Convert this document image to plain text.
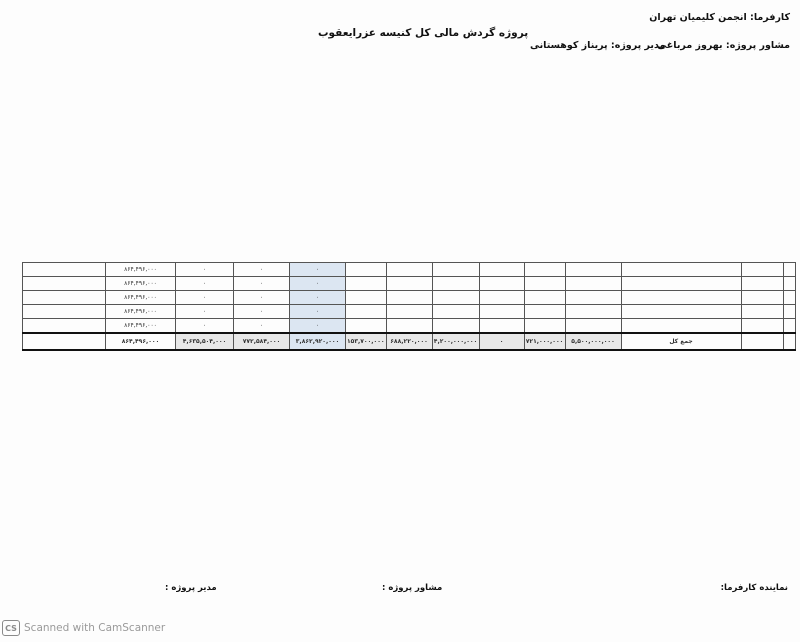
پروژه گردش مالی کل کنیسه عزرایعقوب
کارفرما: انجمن کلیمیان تهران
مشاور پروژه: بهروز مرباغی
مدیر پروژه: پریناز کوهستانی
	۸۶۴,۴۹۶,۰۰۰	۰	۰	۰									
	۸۶۴,۴۹۶,۰۰۰	۰	۰	۰									
	۸۶۴,۴۹۶,۰۰۰	۰	۰	۰									
	۸۶۴,۴۹۶,۰۰۰	۰	۰	۰									
	۸۶۴,۴۹۶,۰۰۰	۰	۰	۰									
	۸۶۴,۴۹۶,۰۰۰	۴,۶۳۵,۵۰۴,۰۰۰	۷۷۲,۵۸۴,۰۰۰	۳,۸۶۲,۹۲۰,۰۰۰	۱۵۳,۷۰۰,۰۰۰	۶۸۸,۲۲۰,۰۰۰	۴,۲۰۰,۰۰۰,۰۰۰	۰	۷۲۱,۰۰۰,۰۰۰	۵,۵۰۰,۰۰۰,۰۰۰	جمع کل		
نماینده کارفرما:
مشاور پروژه :
مدیر پروژه :
CS Scanned with CamScanner
